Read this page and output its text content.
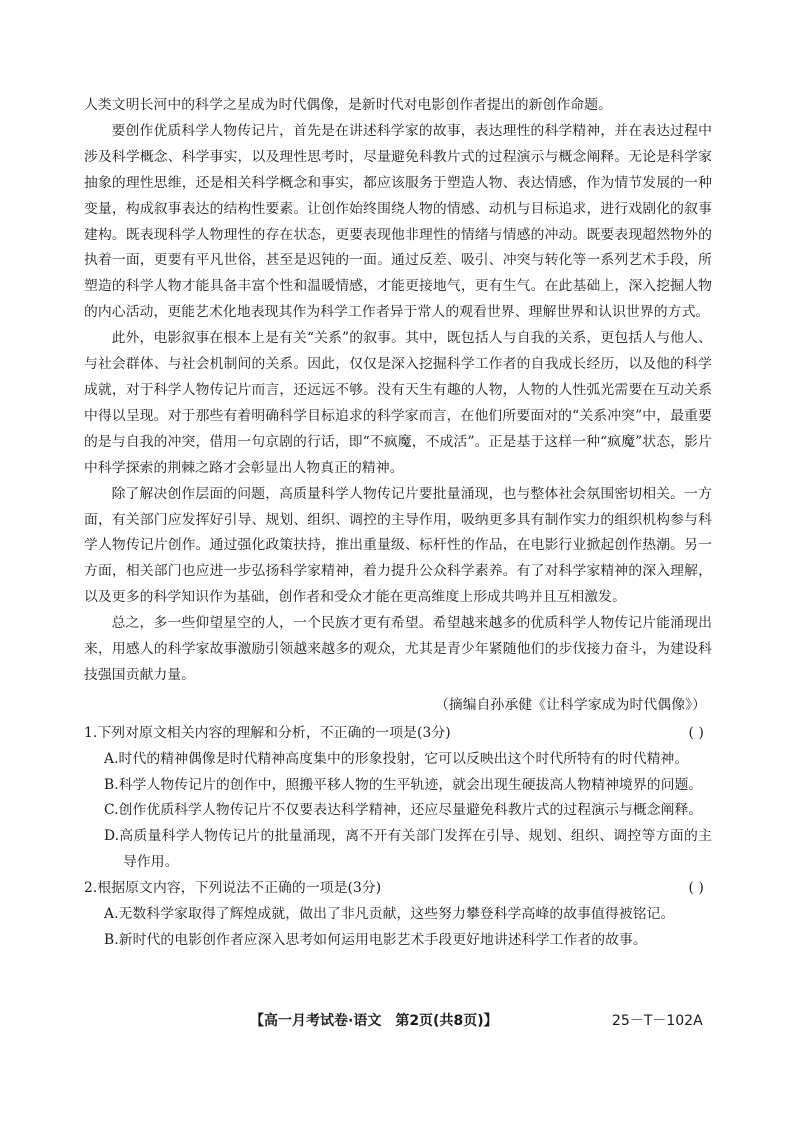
人类文明长河中的科学之星成为时代偶像，是新时代对电影创作者提出的新创作命题。

要创作优质科学人物传记片，首先是在讲述科学家的故事，表达理性的科学精神，并在表达过程中涉及科学概念、科学事实，以及理性思考时，尽量避免科教片式的过程演示与概念阐释。无论是科学家抽象的理性思维，还是相关科学概念和事实，都应该服务于塑造人物、表达情感，作为情节发展的一种变量，构成叙事表达的结构性要素。让创作始终围绕人物的情感、动机与目标追求，进行戏剧化的叙事建构。既表现科学人物理性的存在状态，更要表现他非理性的情绪与情感的冲动。既要表现超然物外的执着一面，更要有平凡世俗，甚至是迟钝的一面。通过反差、吸引、冲突与转化等一系列艺术手段，所塑造的科学人物才能具备丰富个性和温暖情感，才能更接地气，更有生气。在此基础上，深入挖掘人物的内心活动，更能艺术化地表现其作为科学工作者异于常人的观看世界、理解世界和认识世界的方式。

此外，电影叙事在根本上是有关“关系”的叙事。其中，既包括人与自我的关系，更包括人与他人、与社会群体、与社会机制间的关系。因此，仅仅是深入挖掘科学工作者的自我成长经历，以及他的科学成就，对于科学人物传记片而言，还远远不够。没有天生有趣的人物，人物的人性弧光需要在互动关系中得以呈现。对于那些有着明确科学目标追求的科学家而言，在他们所要面对的“关系冲突”中，最重要的是与自我的冲突，借用一句京剧的行话，即“不疯魔，不成活”。正是基于这样一种“疯魔”状态，影片中科学探索的荆棘之路才会彰显出人物真正的精神。

除了解决创作层面的问题，高质量科学人物传记片要批量涌现，也与整体社会氛围密切相关。一方面，有关部门应发挥好引导、规划、组织、调控的主导作用，吸纳更多具有制作实力的组织机构参与科学人物传记片创作。通过强化政策扶持，推出重量级、标杆性的作品，在电影行业掀起创作热潮。另一方面，相关部门也应进一步弘扬科学家精神，着力提升公众科学素养。有了对科学家精神的深入理解，以及更多的科学知识作为基础，创作者和受众才能在更高维度上形成共鸣并且互相激发。

总之，多一些仰望星空的人，一个民族才更有希望。希望越来越多的优质科学人物传记片能涌现出来，用感人的科学家故事激励引领越来越多的观众，尤其是青少年紧随他们的步伐接力奋斗，为建设科技强国贡献力量。

（摘编自孙承健《让科学家成为时代偶像》）

1.下列对原文相关内容的理解和分析，不正确的一项是(3分)	( )

A.时代的精神偶像是时代精神高度集中的形象投射，它可以反映出这个时代所特有的时代精神。

B.科学人物传记片的创作中，照搬平移人物的生平轨迹，就会出现生硬拔高人物精神境界的问题。

C.创作优质科学人物传记片不仅要表达科学精神，还应尽量避免科教片式的过程演示与概念阐释。

D.高质量科学人物传记片的批量涌现，离不开有关部门发挥在引导、规划、组织、调控等方面的主导作用。

2.根据原文内容，下列说法不正确的一项是(3分)	( )

A.无数科学家取得了辉煌成就，做出了非凡贡献，这些努力攀登科学高峰的故事值得被铭记。

B.新时代的电影创作者应深入思考如何运用电影艺术手段更好地讲述科学工作者的故事。

【高一月考试卷·语文　第2页(共8页)】	25－T－102A
